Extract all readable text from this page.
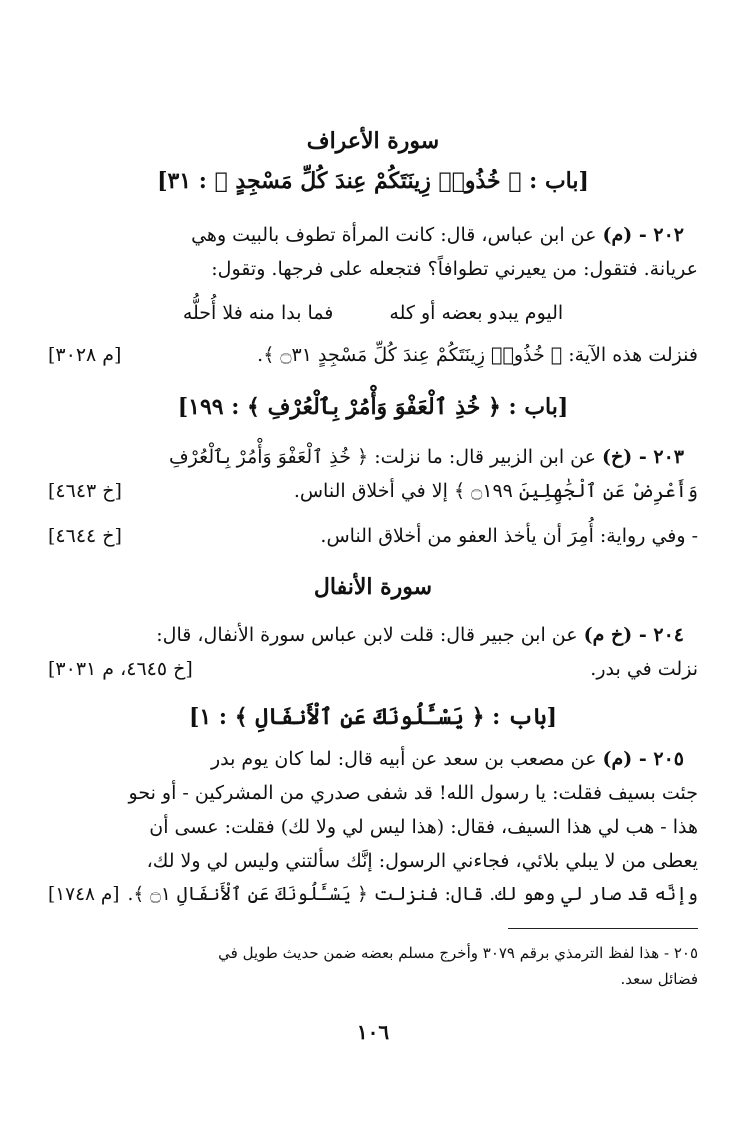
سورة الأعراف
[باب : ﴿ خُذُوا۟ زِينَتَكُمْ عِندَ كُلِّ مَسْجِدٍ ﴾ : ٣١]
٢٠٢ - (م) عن ابن عباس، قال: كانت المرأة تطوف بالبيت وهي
عريانة. فتقول: من يعيرني تطوافاً؟ فتجعله على فرجها. وتقول:
اليوم يبدو بعضه أو كله
فما بدا منه فلا أُحلُّه
فنزلت هذه الآية: ﴿ خُذُوا۟ زِينَتَكُمْ عِندَ كُلِّ مَسْجِدٍ ۝٣١ ﴾.
[م ٣٠٢٨]
[باب : ﴿ خُذِ ٱلْعَفْوَ وَأْمُرْ بِٱلْعُرْفِ ﴾ : ١٩٩]
٢٠٣ - (خ) عن ابن الزبير قال: ما نزلت: ﴿ خُذِ ٱلْعَفْوَ وَأْمُرْ بِٱلْعُرْفِ
وَأَعْرِضْ عَنِ ٱلْجَٰهِلِينَ ۝١٩٩ ﴾ إلا في أخلاق الناس.
[خ ٤٦٤٣]
- وفي رواية: أُمِرَ أن يأخذ العفو من أخلاق الناس.
[خ ٤٦٤٤]
سورة الأنفال
٢٠٤ - (خ م) عن ابن جبير قال: قلت لابن عباس سورة الأنفال، قال:
نزلت في بدر.
[خ ٤٦٤٥، م ٣٠٣١]
[باب : ﴿ يَسْـَٔلُونَكَ عَنِ ٱلْأَنفَالِ ﴾ : ١]
٢٠٥ - (م) عن مصعب بن سعد عن أبيه قال: لما كان يوم بدر
جئت بسيف فقلت: يا رسول الله! قد شفى صدري من المشركين - أو نحو
هذا - هب لي هذا السيف، فقال: (هذا ليس لي ولا لك) فقلت: عسى أن
يعطى من لا يبلي بلائي، فجاءني الرسول: إنَّك سألتني وليس لي ولا لك،
وإنَّه قد صار لي وهو لك. قال: فنزلت ﴿ يَسْـَٔلُونَكَ عَنِ ٱلْأَنفَالِ ۝١ ﴾.
[م ١٧٤٨]
٢٠٥ - هذا لفظ الترمذي برقم ٣٠٧٩ وأخرج مسلم بعضه ضمن حديث طويل في
فضائل سعد.
١٠٦
